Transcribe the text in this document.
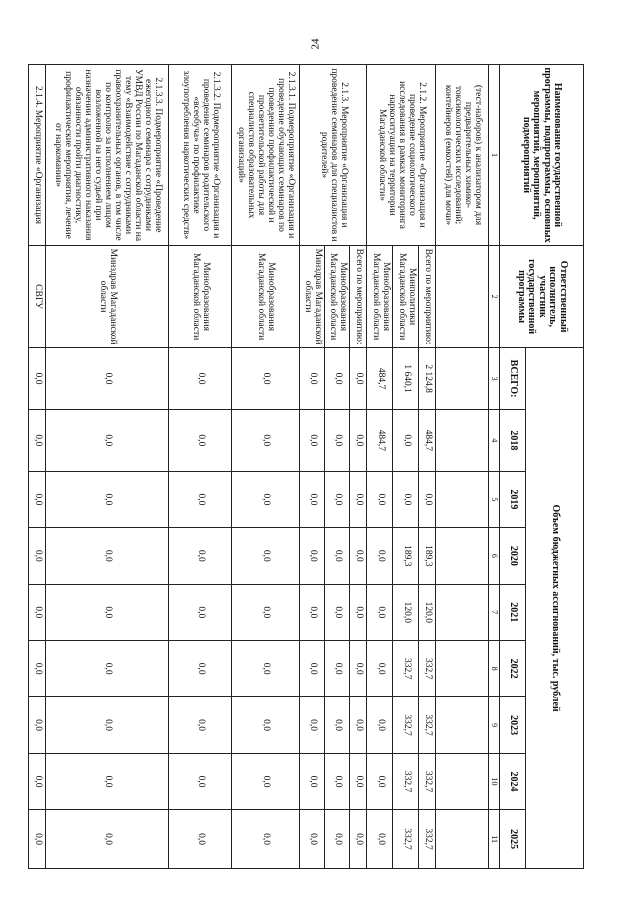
24
Наименование государственной программы, подпрограммы, основных мероприятий, мероприятий, подмероприятий	Ответственный исполнитель, участник государственной программы	Объем бюджетных ассигнований, тыс. рублей								
		ВСЕГО:	2018	2019	2020	2021	2022	2023	2024	2025
1	2	3	4	5	6	7	8	9	10	11
(тест-наборов) к анализатором для предварительных химико-токсикологических исследований; контейнеров (емкостей) для мочи»										
2.1.2. Мероприятие «Организация и проведение социологического исследования в рамках мониторинга наркоситуации на территории Магаданской области»	Всего по мероприятию:	2 124,8	484,7	0,0	189,3	120,0	332,7	332,7	332,7	332,7
	Минполитики Магаданской области	1 640,1	0,0	0,0	189,3	120,0	332,7	332,7	332,7	332,7
	Минобразования Магаданской области	484,7	484,7	0,0	0,0	0,0	0,0	0,0	0,0	0,0
2.1.3. Мероприятие «Организация и проведение семинаров для специалистов и родителей»	Всего по мероприятию:	0,0	0,0	0,0	0,0	0,0	0,0	0,0	0,0	0,0
	Минобразования Магаданской области	0,0	0,0	0,0	0,0	0,0	0,0	0,0	0,0	0,0
	Минздрав Магаданской области	0,0	0,0	0,0	0,0	0,0	0,0	0,0	0,0	0,0
2.1.3.1. Подмероприятие «Организация и проведение обучающих семинаров по проведению профилактической и просветительской работы для специалистов образовательных организаций»	Минобразования Магаданской области	0,0	0,0	0,0	0,0	0,0	0,0	0,0	0,0	0,0
2.1.3.2. Подмероприятие «Организация и проведение семинаров родительского «всеобуча» по профилактике злоупотребления наркотических средств»	Минобразования Магаданской области	0,0	0,0	0,0	0,0	0,0	0,0	0,0	0,0	0,0
2.1.3.3. Подмероприятие «Проведение ежегодного семинара с сотрудниками УМВД России по Магаданской области на тему «Взаимодействие с сотрудниками правоохранительных органов, в том числе по контролю за исполнением лицом возложенной на него судьей при назначении административного наказания обязанности пройти диагностику, профилактические мероприятия, лечение от наркомании»	Минздрав Магаданской области	0,0	0,0	0,0	0,0	0,0	0,0	0,0	0,0	0,0
2.1.4. Мероприятие «Организация	СВГУ	0,0	0,0	0,0	0,0	0,0	0,0	0,0	0,0	0,0
